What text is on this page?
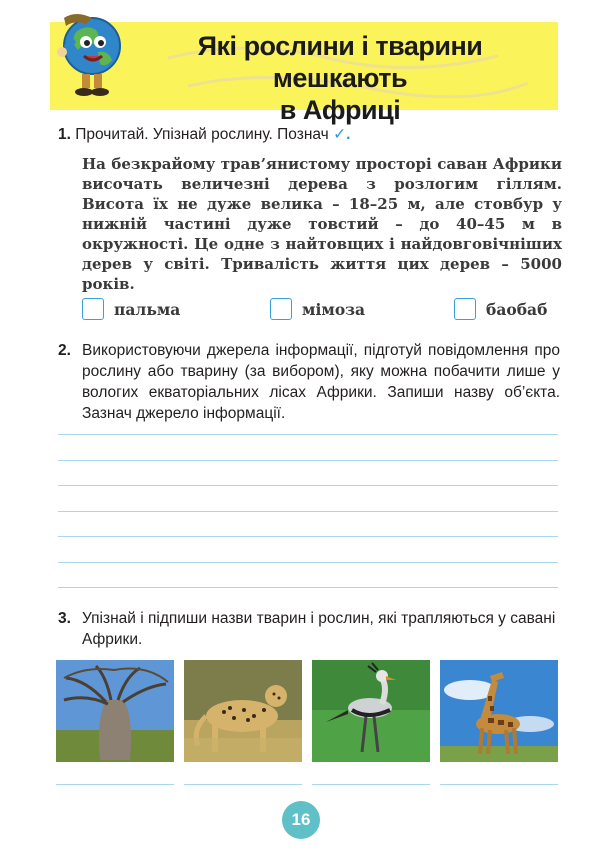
Які рослини і тварини мешкають
в Африці
1. Прочитай. Упізнай рослину. Познач ✓.

На безкрайому трав’янистому просторі саван Африки височать величезні дерева з розлогим гіллям. Висота їх не дуже велика – 18–25 м, але стовбур у нижній частині дуже товстий – до 40–45 м в окружності. Це одне з найтовщих і найдовговічніших дерев у світі. Тривалість життя цих дерев – 5000 років.

пальма	мімоза	баобаб
2. Використовуючи джерела інформації, підготуй повідомлення про рослину або тварину (за вибором), яку можна побачити лише у вологих екваторіальних лісах Африки. Запиши назву об’єкта. Зазнач джерело інформації.
3. Упізнай і підпиши назви тварин і рослин, які трапляються у савані Африки.
16
